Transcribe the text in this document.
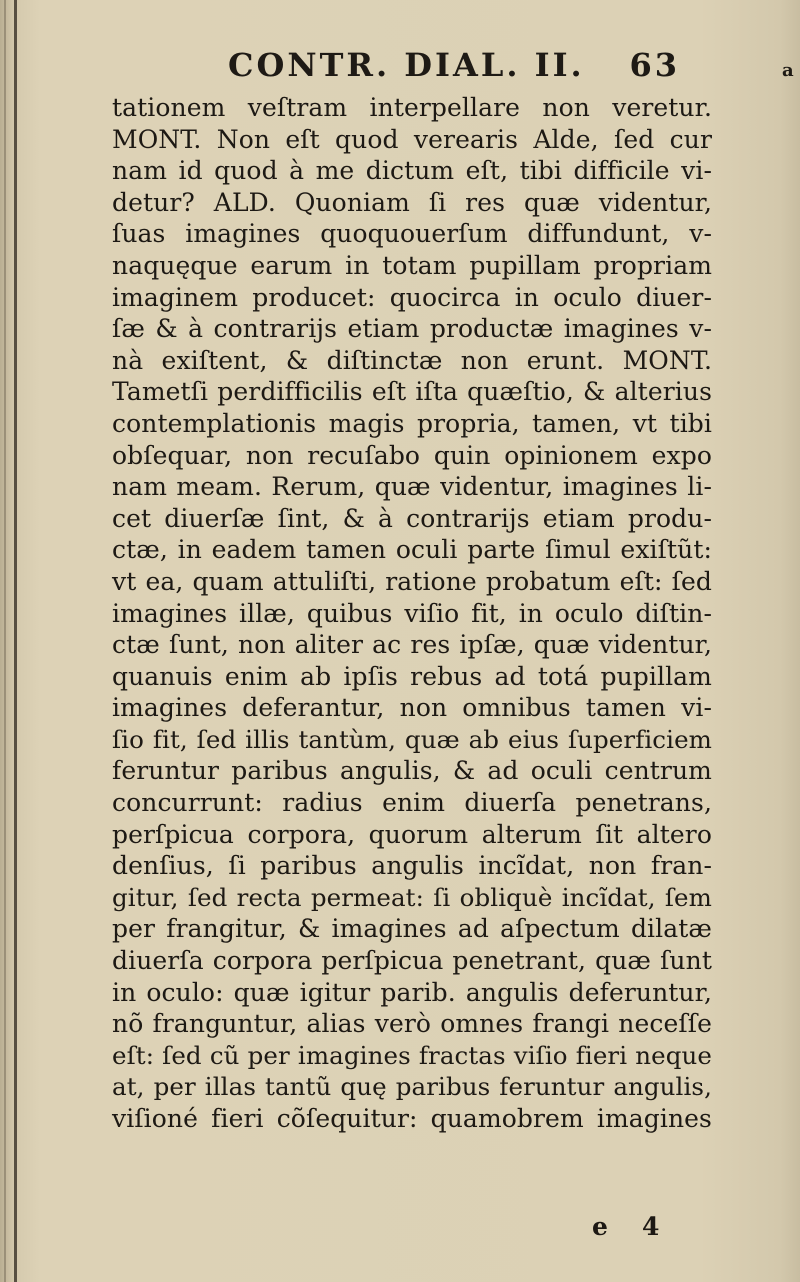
CONTR. DIAL. II. 63	a
tationem veſtram interpellare non veretur.
MONT. Non eſt quod verearis Alde, ſed cur
nam id quod à me dictum eſt, tibi difficile vi-
detur? ALD. Quoniam ſi res quæ videntur,
ſuas imagines quoquouerſum diffundunt, v-
naquęque earum in totam pupillam propriam
imaginem producet: quocirca in oculo diuer-
ſæ & à contrarijs etiam productæ imagines v-
nà exiſtent, & diſtinctæ non erunt. MONT.
Tametſi perdifficilis eſt iſta quæſtio, & alterius
contemplationis magis propria, tamen, vt tibi
obſequar, non recuſabo quin opinionem expo
nam meam. Rerum, quæ videntur, imagines li-
cet diuerſæ ſint, & à contrarijs etiam produ-
ctæ, in eadem tamen oculi parte ſimul exiſtũt:
vt ea, quam attuliſti, ratione probatum eſt: ſed
imagines illæ, quibus viſio fit, in oculo diſtin-
ctæ ſunt, non aliter ac res ipſæ, quæ videntur,
quanuis enim ab ipſis rebus ad totá pupillam
imagines deferantur, non omnibus tamen vi-
ſio fit, ſed illis tantùm, quæ ab eius ſuperficiem
feruntur paribus angulis, & ad oculi centrum
concurrunt: radius enim diuerſa penetrans,
perſpicua corpora, quorum alterum ſit altero
denſius, ſi paribus angulis incĩdat, non fran-
gitur, ſed recta permeat: ſi obliquè incĩdat, ſem
per frangitur, & imagines ad aſpectum dilatæ
diuerſa corpora perſpicua penetrant, quæ ſunt
in oculo: quæ igitur parib. angulis deferuntur,
nõ franguntur, alias verò omnes frangi neceſſe
eſt: ſed cũ per imagines fractas viſio fieri neque
at, per illas tantũ quę paribus feruntur angulis,
viſioné fieri cõſequitur: quamobrem imagines
e 4
